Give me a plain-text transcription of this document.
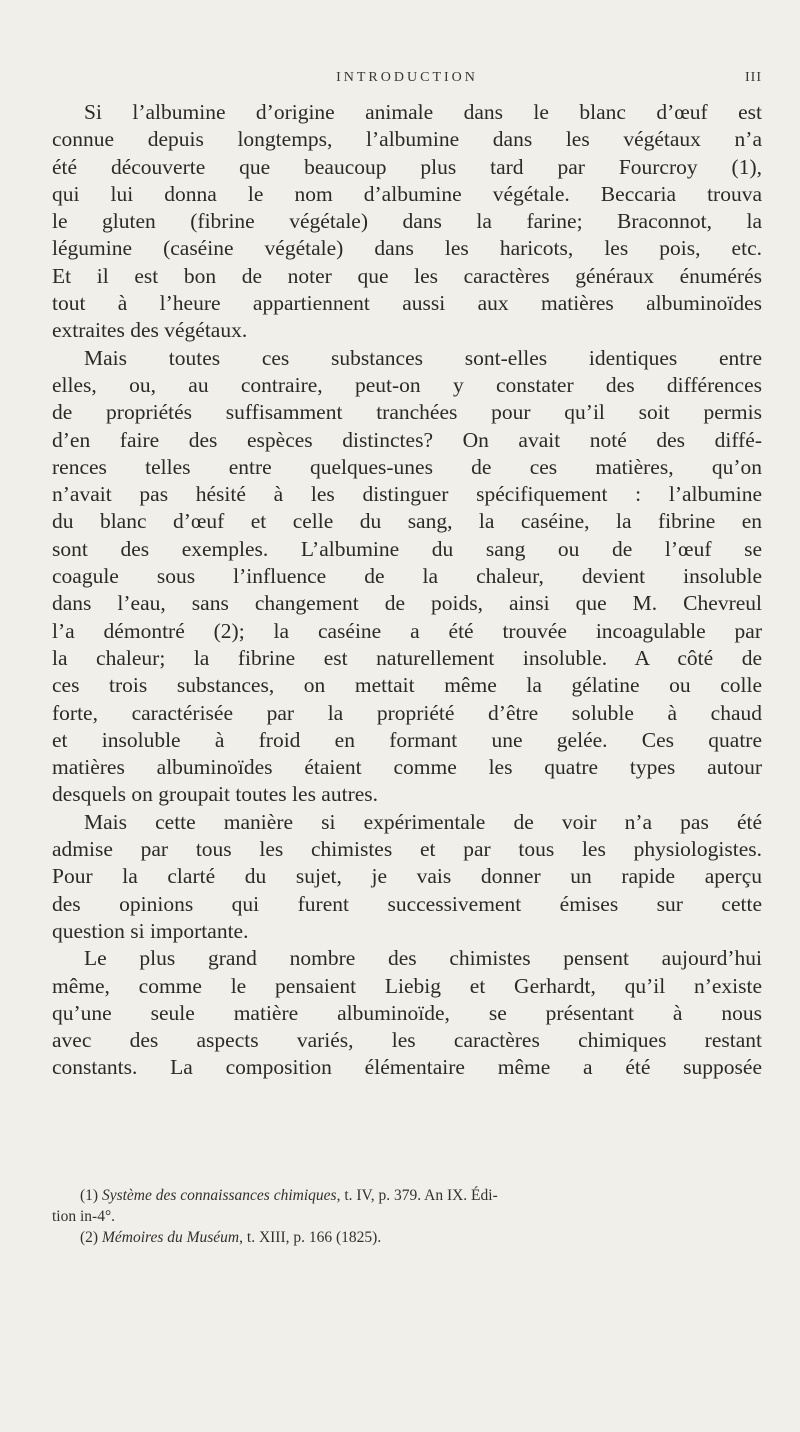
INTRODUCTION	III
Si l’albumine d’origine animale dans le blanc d’œuf est
connue depuis longtemps, l’albumine dans les végétaux n’a
été découverte que beaucoup plus tard par Fourcroy (1),
qui lui donna le nom d’albumine végétale. Beccaria trouva
le gluten (fibrine végétale) dans la farine; Braconnot, la
légumine (caséine végétale) dans les haricots, les pois, etc.
Et il est bon de noter que les caractères généraux énumérés
tout à l’heure appartiennent aussi aux matières albuminoïdes
extraites des végétaux.
Mais toutes ces substances sont-elles identiques entre
elles, ou, au contraire, peut-on y constater des différences
de propriétés suffisamment tranchées pour qu’il soit permis
d’en faire des espèces distinctes? On avait noté des diffé-
rences telles entre quelques-unes de ces matières, qu’on
n’avait pas hésité à les distinguer spécifiquement : l’albumine
du blanc d’œuf et celle du sang, la caséine, la fibrine en
sont des exemples. L’albumine du sang ou de l’œuf se
coagule sous l’influence de la chaleur, devient insoluble
dans l’eau, sans changement de poids, ainsi que M. Chevreul
l’a démontré (2); la caséine a été trouvée incoagulable par
la chaleur; la fibrine est naturellement insoluble. A côté de
ces trois substances, on mettait même la gélatine ou colle
forte, caractérisée par la propriété d’être soluble à chaud
et insoluble à froid en formant une gelée. Ces quatre
matières albuminoïdes étaient comme les quatre types autour
desquels on groupait toutes les autres.
Mais cette manière si expérimentale de voir n’a pas été
admise par tous les chimistes et par tous les physiologistes.
Pour la clarté du sujet, je vais donner un rapide aperçu
des opinions qui furent successivement émises sur cette
question si importante.
Le plus grand nombre des chimistes pensent aujourd’hui
même, comme le pensaient Liebig et Gerhardt, qu’il n’existe
qu’une seule matière albuminoïde, se présentant à nous
avec des aspects variés, les caractères chimiques restant
constants. La composition élémentaire même a été supposée
(1) Système des connaissances chimiques, t. IV, p. 379. An IX. Édi-
tion in-4°.
(2) Mémoires du Muséum, t. XIII, p. 166 (1825).
